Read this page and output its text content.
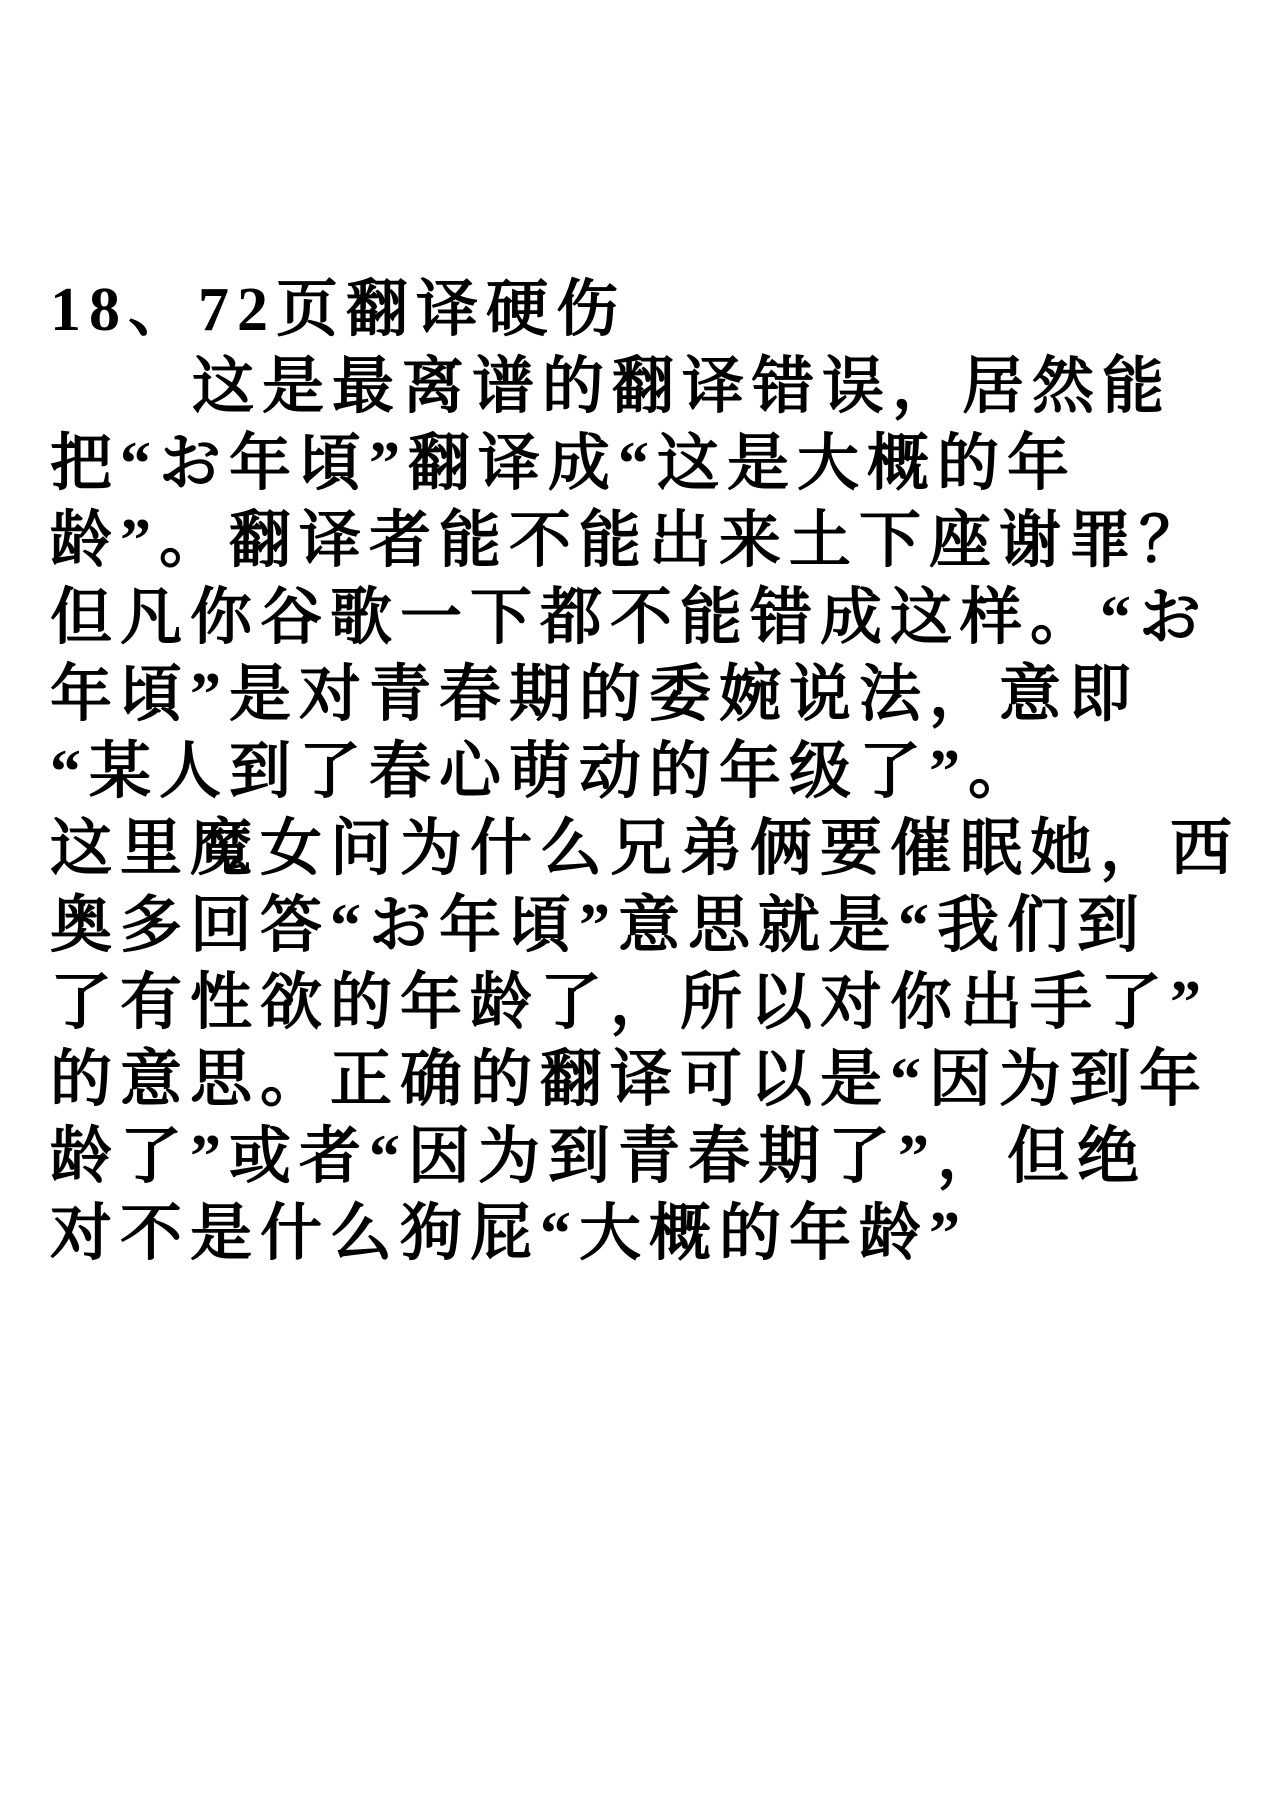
18、72页翻译硬伤
这是最离谱的翻译错误，居然能
把“お年頃”翻译成“这是大概的年
龄”。翻译者能不能出来土下座谢罪？
但凡你谷歌一下都不能错成这样。“お
年頃”是对青春期的委婉说法，意即
“某人到了春心萌动的年级了”。
这里魔女问为什么兄弟俩要催眠她，西
奥多回答“お年頃”意思就是“我们到
了有性欲的年龄了，所以对你出手了”
的意思。正确的翻译可以是“因为到年
龄了”或者“因为到青春期了”，但绝
对不是什么狗屁“大概的年龄”
